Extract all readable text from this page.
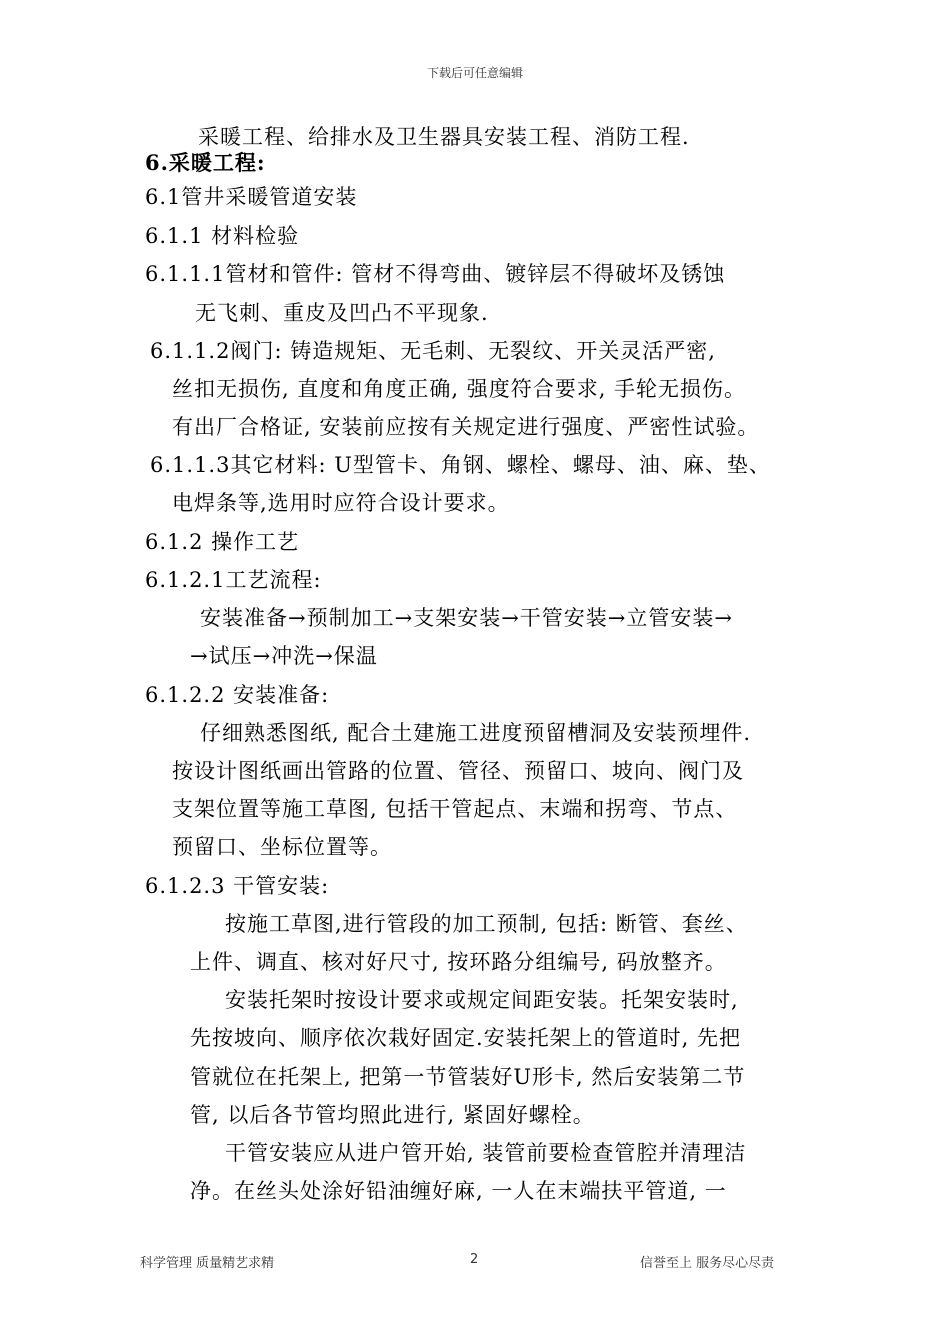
下载后可任意编辑
采暖工程、给排水及卫生器具安装工程、消防工程.
6.采暖工程:
6.1管井采暖管道安装
6.1.1 材料检验
6.1.1.1管材和管件: 管材不得弯曲、镀锌层不得破坏及锈蚀
无飞刺、重皮及凹凸不平现象.
6.1.1.2阀门: 铸造规矩、无毛刺、无裂纹、开关灵活严密,
丝扣无损伤, 直度和角度正确, 强度符合要求, 手轮无损伤。
有出厂合格证, 安装前应按有关规定进行强度、严密性试验。
6.1.1.3其它材料: U型管卡、角钢、螺栓、螺母、油、麻、垫、
电焊条等,选用时应符合设计要求。
6.1.2 操作工艺
6.1.2.1工艺流程:
安装准备→预制加工→支架安装→干管安装→立管安装→
→试压→冲洗→保温
6.1.2.2 安装准备:
仔细熟悉图纸, 配合土建施工进度预留槽洞及安装预埋件.
按设计图纸画出管路的位置、管径、预留口、坡向、阀门及
支架位置等施工草图, 包括干管起点、末端和拐弯、节点、
预留口、坐标位置等。
6.1.2.3 干管安装:
按施工草图,进行管段的加工预制, 包括: 断管、套丝、
上件、调直、核对好尺寸, 按环路分组编号, 码放整齐。
安装托架时按设计要求或规定间距安装。托架安装时,
先按坡向、顺序依次栽好固定.安装托架上的管道时, 先把
管就位在托架上, 把第一节管装好U形卡, 然后安装第二节
管, 以后各节管均照此进行, 紧固好螺栓。
干管安装应从进户管开始, 装管前要检查管腔并清理洁
净。在丝头处涂好铅油缠好麻, 一人在末端扶平管道, 一
科学管理 质量精艺求精	2	信誉至上 服务尽心尽责
